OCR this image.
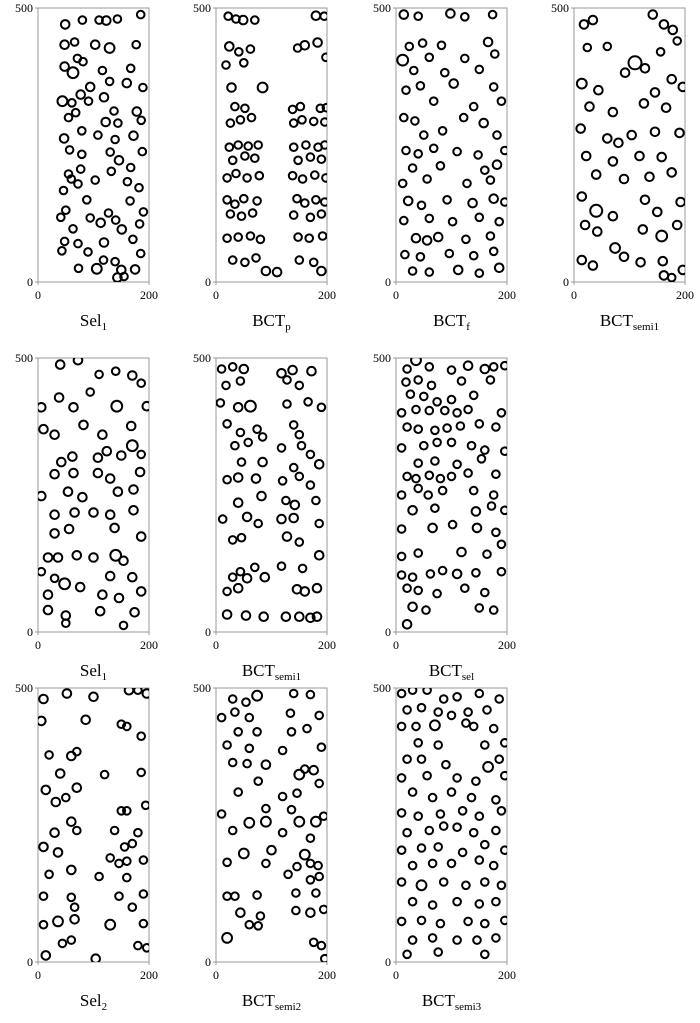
500
0
0	200
Sel$_1$
500
0
0	200
$BCT_p$
500
0
0	200
$BCT_f$
500
0
0	200
$BCT_{semi1}$
500
0
0	200
Sel$_1$
500
0
0	200
$BCT_{semi1}$
500
0
0	200
$BCT_{sel}$
500
0
0	200
Sel$_2$
500
0
0	200
$BCT_{semi2}$
500
0
0	200
$BCT_{semi3}$
